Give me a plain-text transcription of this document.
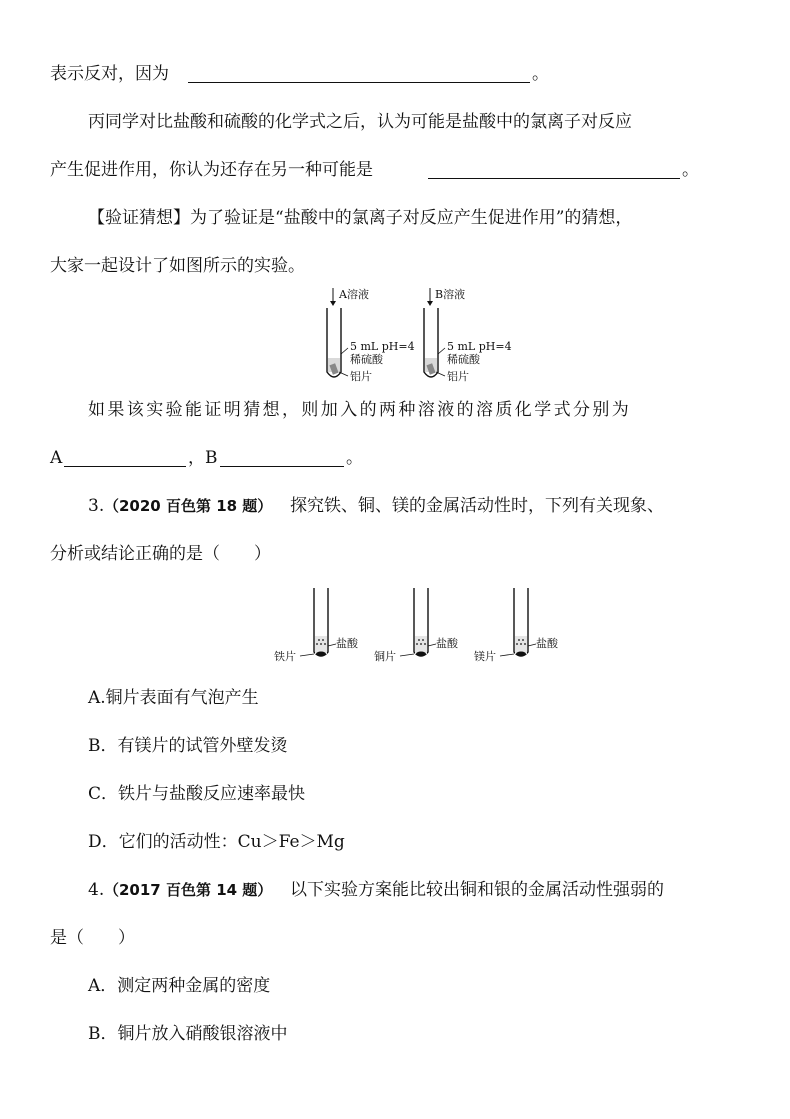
表示反对，因为	。
丙同学对比盐酸和硫酸的化学式之后，认为可能是盐酸中的氯离子对反应
产生促进作用，你认为还存在另一种可能是	。
【验证猜想】为了验证是“盐酸中的氯离子对反应产生促进作用”的猜想，
大家一起设计了如图所示的实验。
A溶液
5 mL pH=4
稀硫酸
铝片
B溶液
5 mL pH=4
稀硫酸
铝片
如果该实验能证明猜想，则加入的两种溶液的溶质化学式分别为
A	，B	。
3. （2020 百色第 18 题） 探究铁、铜、镁的金属活动性时，下列有关现象、
分析或结论正确的是（　　）
盐酸
铁片
盐酸
铜片
盐酸
镁片
A.铜片表面有气泡产生
B．有镁片的试管外壁发烫
C．铁片与盐酸反应速率最快
D．它们的活动性：Cu＞Fe＞Mg
4. （2017 百色第 14 题） 以下实验方案能比较出铜和银的金属活动性强弱的
是（　　）
A．测定两种金属的密度
B．铜片放入硝酸银溶液中
